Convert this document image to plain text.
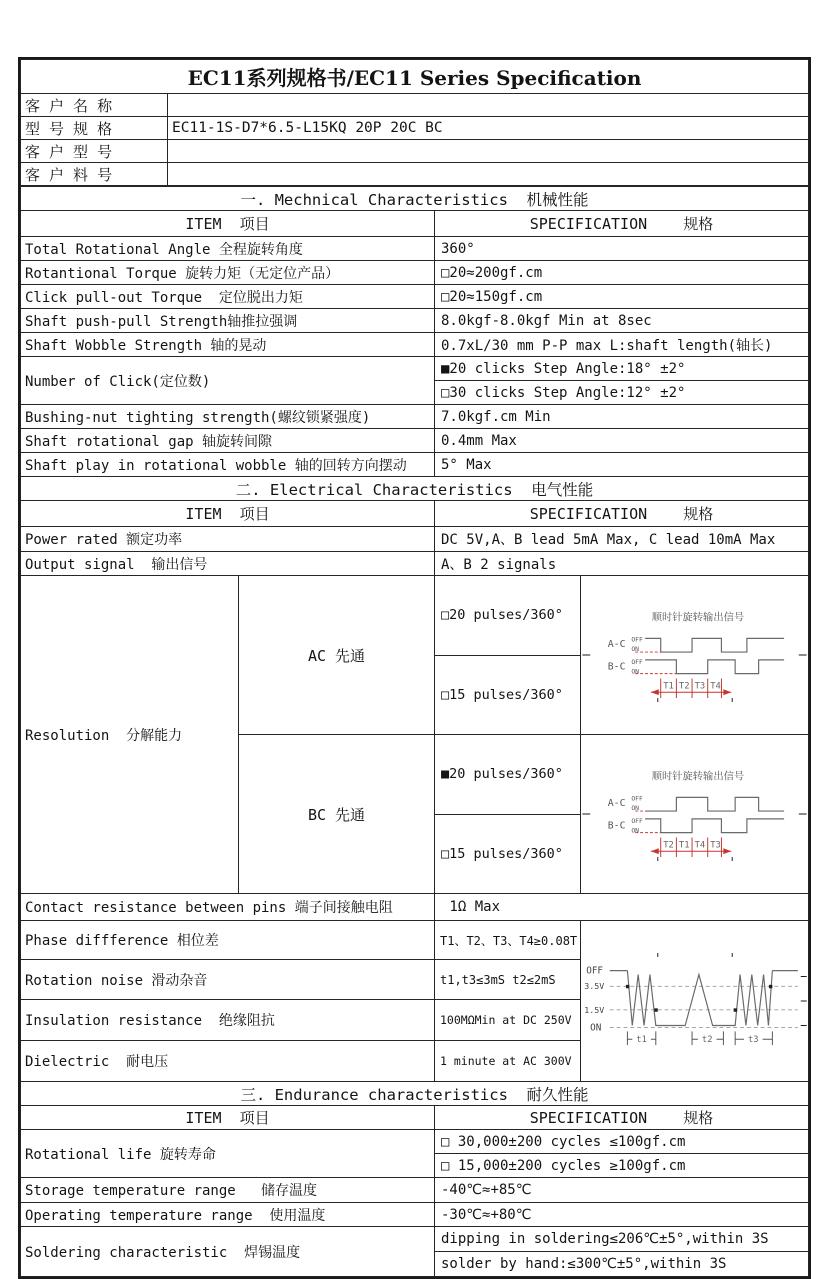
EC11系列规格书/EC11 Series Specification	
客 户 名 称	
型 号 规 格	EC11-1S-D7*6.5-L15KQ 20P 20C BC
客 户 型 号	
客 户 料 号	
一. Mechnical Characteristics  机械性能			
ITEM  项目		SPECIFICATION    规格	
Total Rotational Angle 全程旋转角度		360°	
Rotantional Torque 旋转力矩（无定位产品）		□20≈200gf.cm	
Click pull-out Torque  定位脱出力矩		□20≈150gf.cm	
Shaft push-pull Strength轴推拉强调		8.0kgf-8.0kgf Min at 8sec	
Shaft Wobble Strength 轴的晃动		0.7xL/30 mm P-P max L:shaft length(轴长)	
Number of Click(定位数)		■20 clicks Step Angle:18° ±2°	
		□30 clicks Step Angle:12° ±2°	
Bushing-nut tighting strength(螺纹锁紧强度)		7.0kgf.cm Min	
Shaft rotational gap 轴旋转间隙		0.4mm Max	
Shaft play in rotational wobble 轴的回转方向摆动		5° Max	
二. Electrical Characteristics  电气性能			
ITEM  项目		SPECIFICATION    规格	
Power rated 额定功率		DC 5V,A、B lead 5mA Max, C lead 10mA Max	
Output signal  输出信号		A、B 2 signals	
Resolution  分解能力	AC 先通	□20 pulses/360°	顺时针旋转输出信号
A-C OFF
ON
B-C OFF
ON
T1 T2 T3 T4

		□15 pulses/360°	
BC 先通	■20 pulses/360°	顺时针旋转输出信号
A-C OFF
ON
B-C OFF
ON
T2 T1 T4 T3

		□15 pulses/360°	
Contact resistance between pins 端子间接触电阻		1Ω Max	
Phase diffference 相位差	T1、T2、T3、T4≥0.08T	

OFF
3.5V
1.5V
ON
t1	t2	t3

Rotation noise 滑动杂音		t1,t3≤3mS t2≤2mS	
Insulation resistance  绝缘阻抗		100MΩMin at DC 250V	
Dielectric  耐电压		1 minute at AC 300V	
三. Endurance characteristics  耐久性能			
ITEM  项目		SPECIFICATION    规格	
Rotational life 旋转寿命		□ 30,000±200 cycles ≤100gf.cm	
		□ 15,000±200 cycles ≥100gf.cm	
Storage temperature range   储存温度		-40℃≈+85℃	
Operating temperature range  使用温度		-30℃≈+80℃	
Soldering characteristic  焊锡温度		dipping in soldering≤206℃±5°,within 3S	
		solder by hand:≤300℃±5°,within 3S	
